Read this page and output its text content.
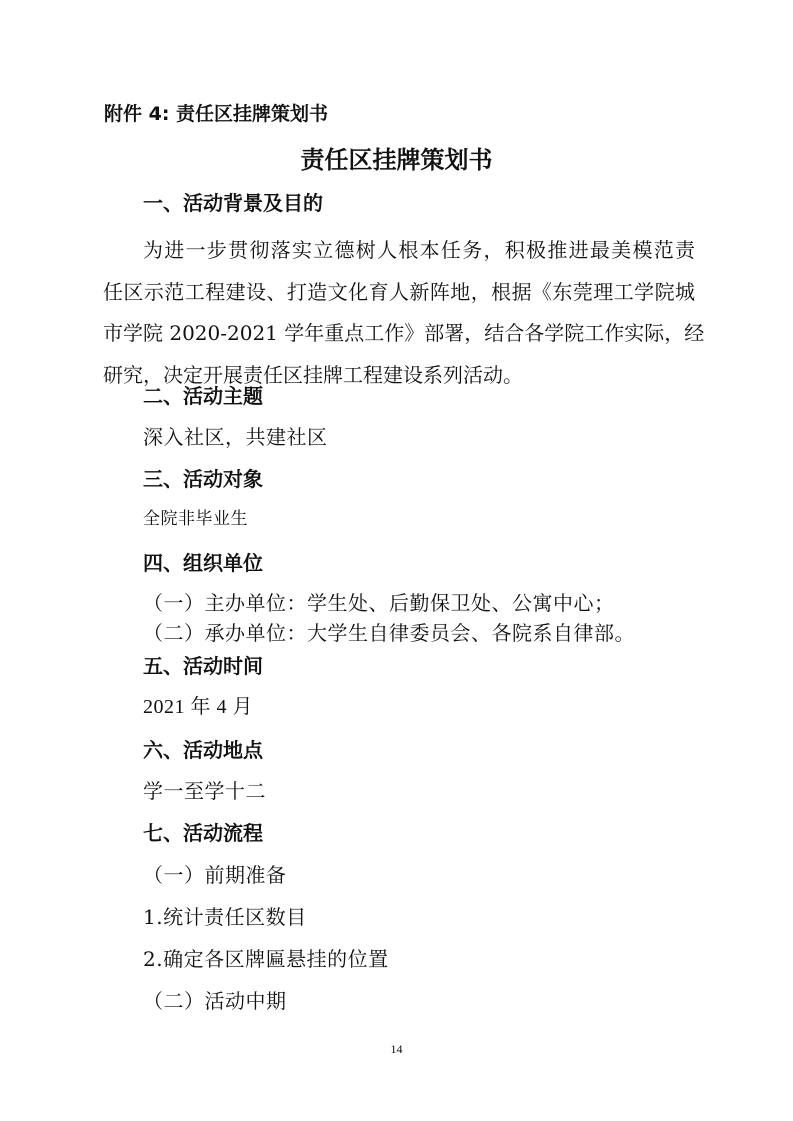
附件 4: 责任区挂牌策划书
责任区挂牌策划书
一、活动背景及目的
为进一步贯彻落实立德树人根本任务，积极推进最美模范责
任区示范工程建设、打造文化育人新阵地，根据《东莞理工学院城
市学院 2020-2021 学年重点工作》部署，结合各学院工作实际，经
研究，决定开展责任区挂牌工程建设系列活动。
二、活动主题
深入社区，共建社区
三、活动对象
全院非毕业生
四、组织单位
（一）主办单位：学生处、后勤保卫处、公寓中心；
（二）承办单位：大学生自律委员会、各院系自律部。
五、活动时间
2021 年 4 月
六、活动地点
学一至学十二
七、活动流程
（一）前期准备
1.统计责任区数目
2.确定各区牌匾悬挂的位置
（二）活动中期
14
